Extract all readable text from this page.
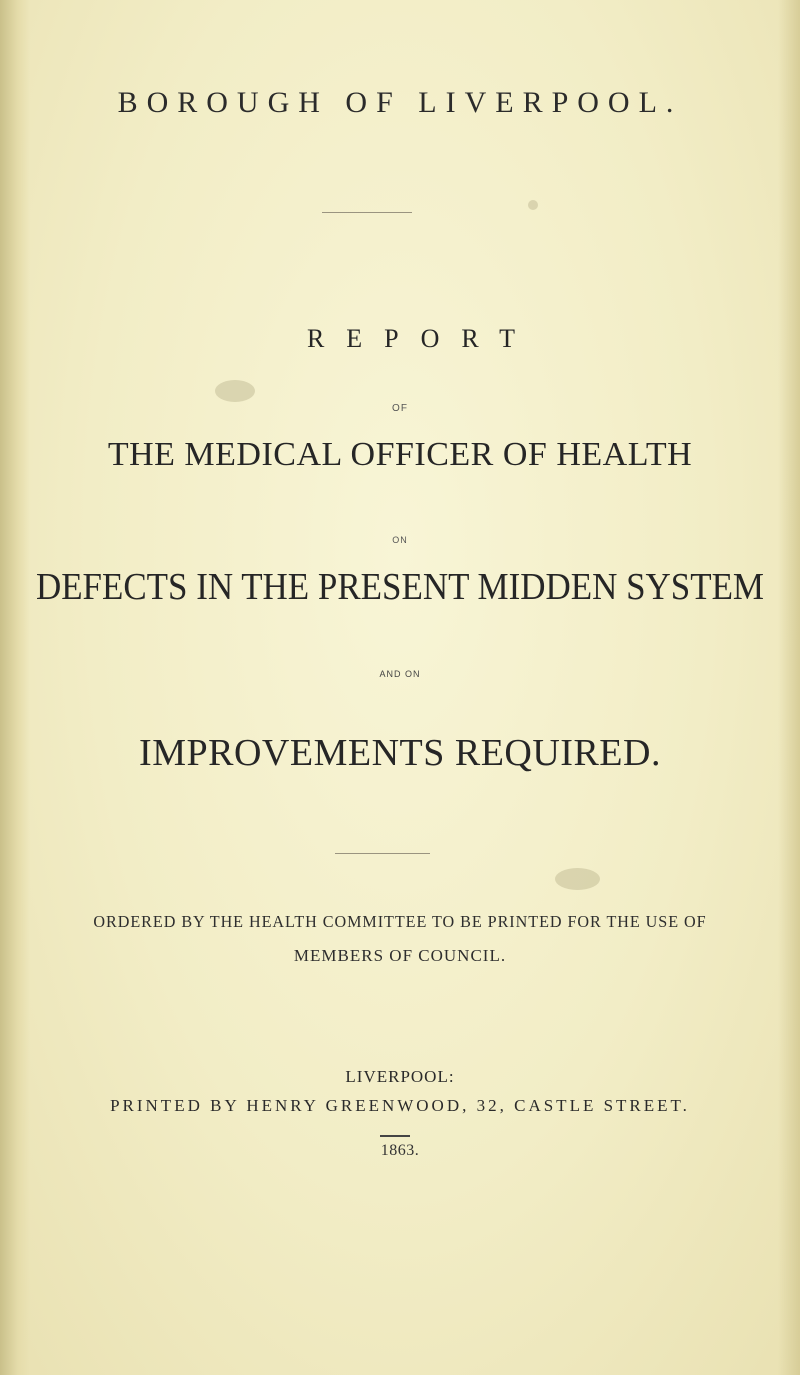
BOROUGH OF LIVERPOOL.
REPORT
OF
THE MEDICAL OFFICER OF HEALTH
ON
DEFECTS IN THE PRESENT MIDDEN SYSTEM
AND ON
IMPROVEMENTS REQUIRED.
ORDERED BY THE HEALTH COMMITTEE TO BE PRINTED FOR THE USE OF
MEMBERS OF COUNCIL.
LIVERPOOL:
PRINTED BY HENRY GREENWOOD, 32, CASTLE STREET.
1863.
